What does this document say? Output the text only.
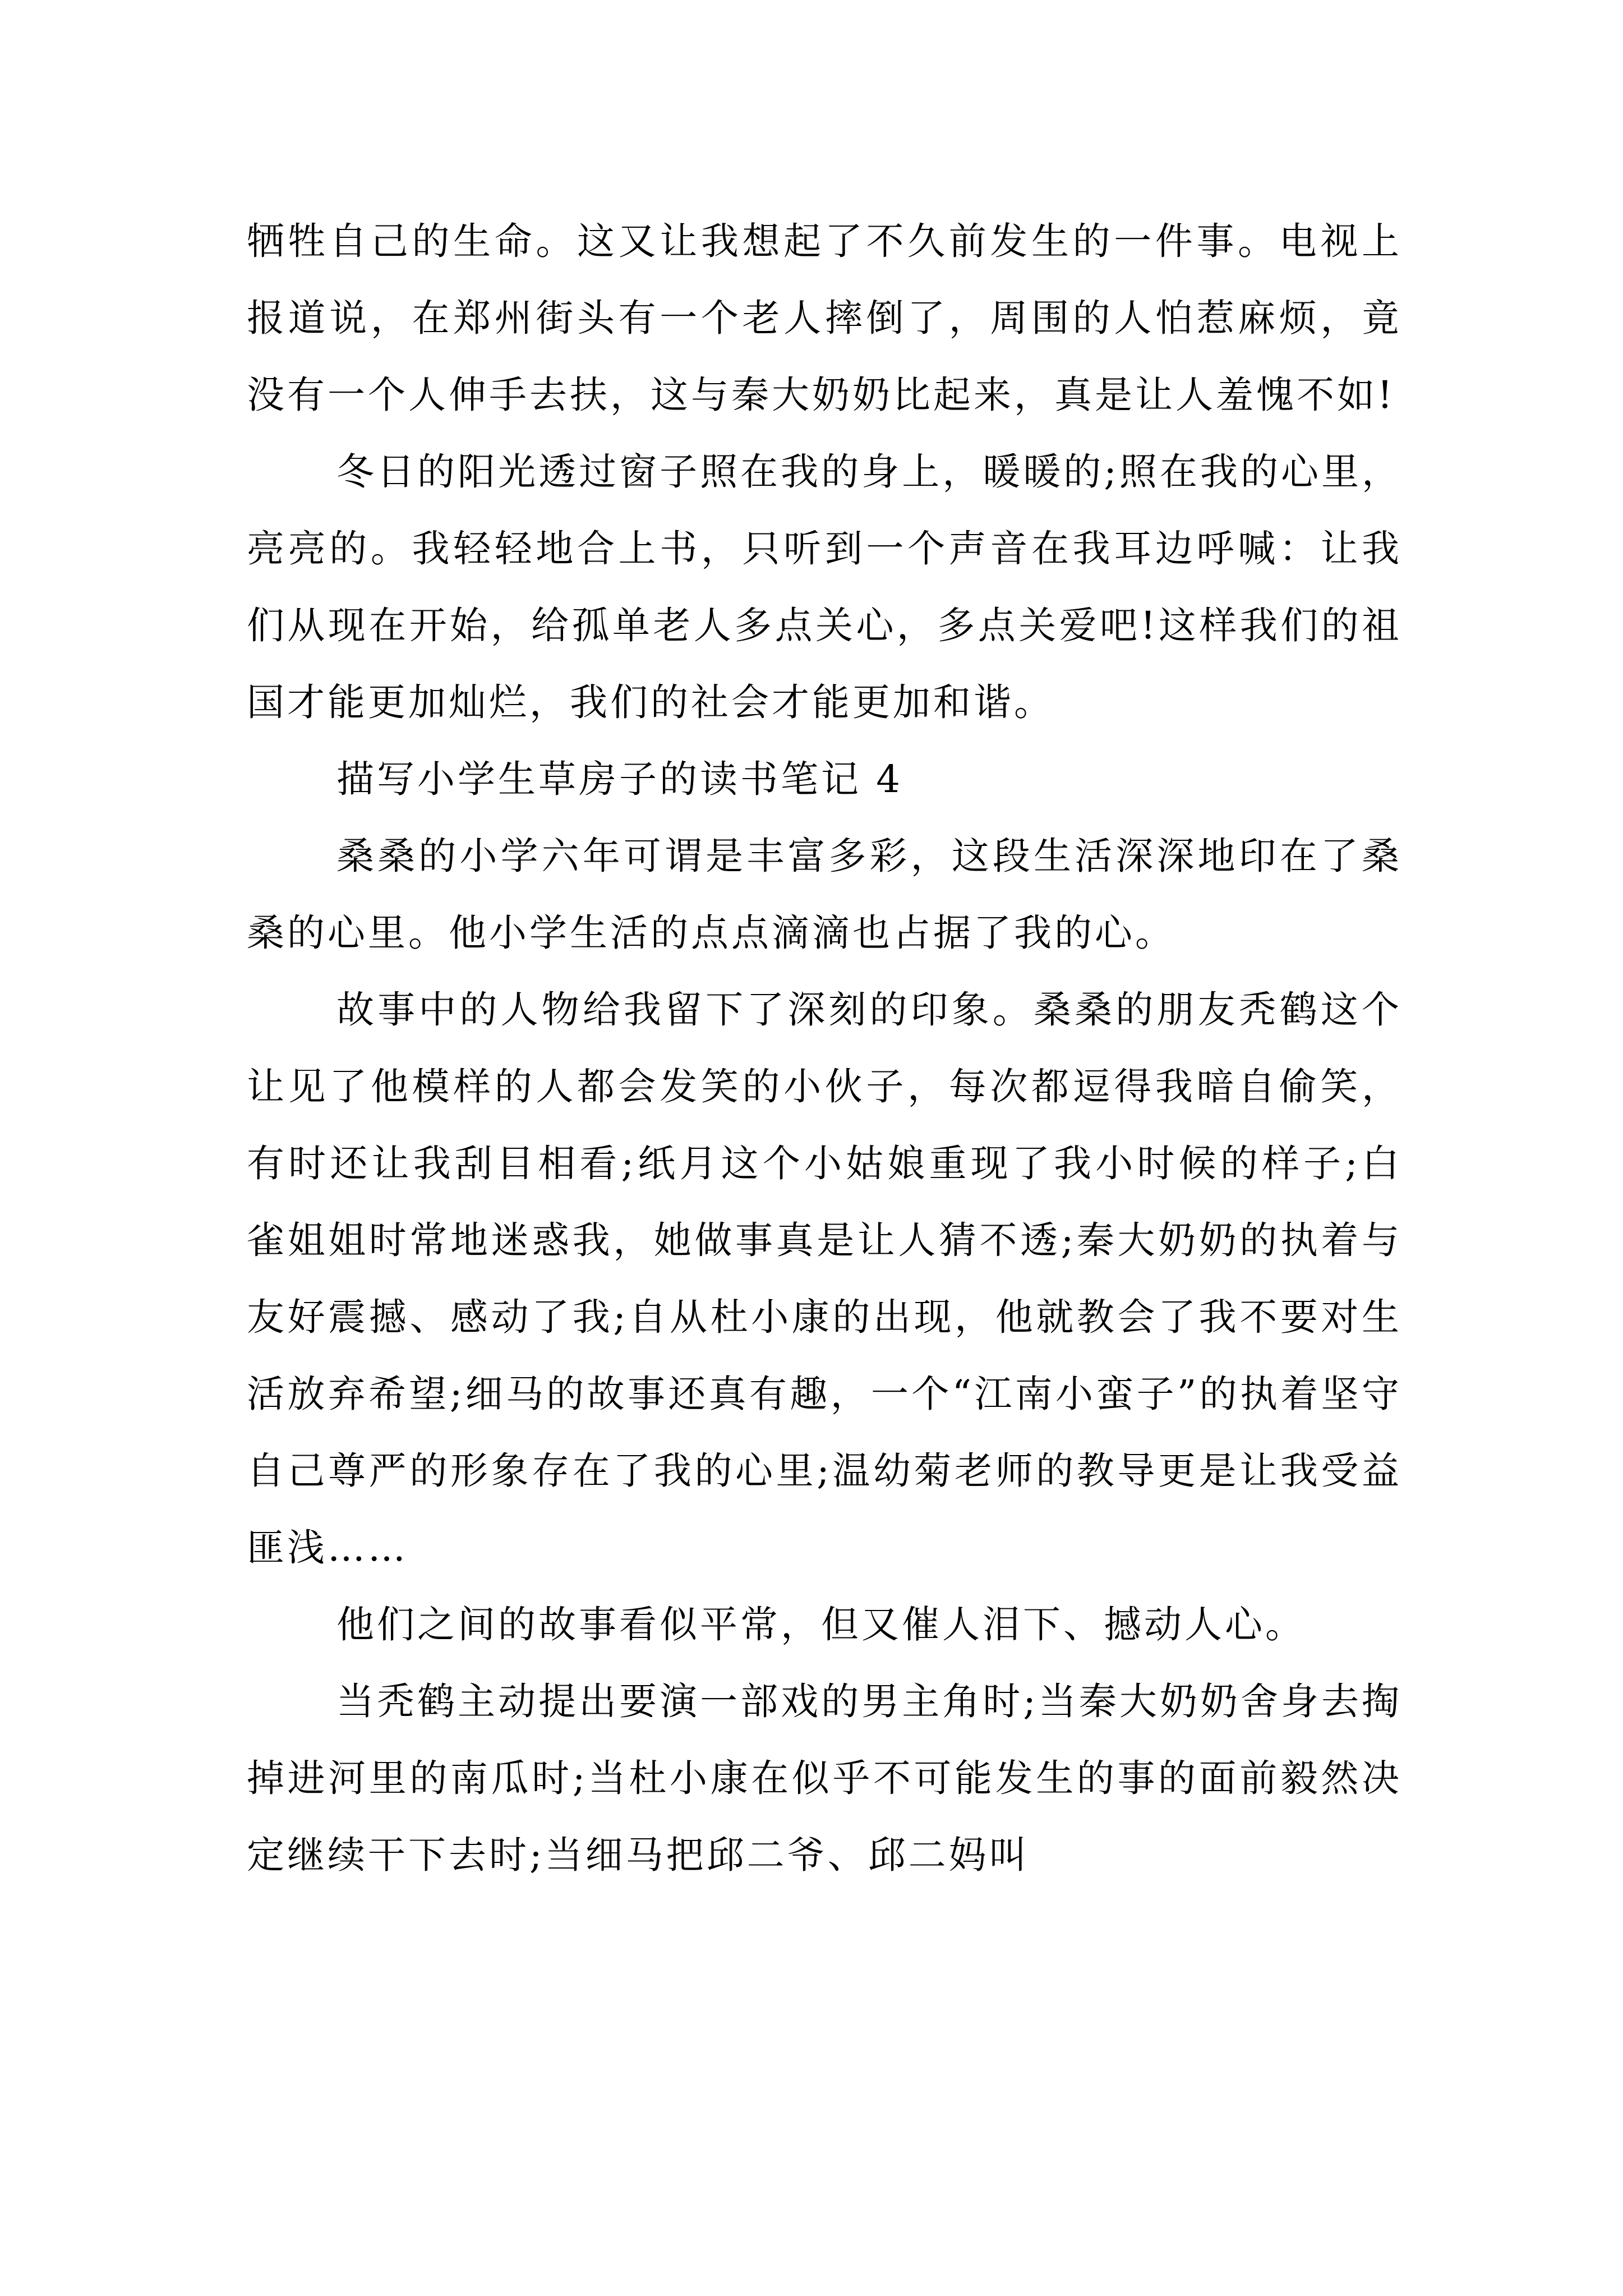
牺牲自己的生命。这又让我想起了不久前发生的一件事。电视上报道说，在郑州街头有一个老人摔倒了，周围的人怕惹麻烦，竟没有一个人伸手去扶，这与秦大奶奶比起来，真是让人羞愧不如!

冬日的阳光透过窗子照在我的身上，暖暖的;照在我的心里，亮亮的。我轻轻地合上书，只听到一个声音在我耳边呼喊：让我们从现在开始，给孤单老人多点关心，多点关爱吧!这样我们的祖国才能更加灿烂，我们的社会才能更加和谐。

描写小学生草房子的读书笔记 4

桑桑的小学六年可谓是丰富多彩，这段生活深深地印在了桑桑的心里。他小学生活的点点滴滴也占据了我的心。

故事中的人物给我留下了深刻的印象。桑桑的朋友秃鹤这个让见了他模样的人都会发笑的小伙子，每次都逗得我暗自偷笑，有时还让我刮目相看;纸月这个小姑娘重现了我小时候的样子;白雀姐姐时常地迷惑我，她做事真是让人猜不透;秦大奶奶的执着与友好震撼、感动了我;自从杜小康的出现，他就教会了我不要对生活放弃希望;细马的故事还真有趣，一个“江南小蛮子”的执着坚守自己尊严的形象存在了我的心里;温幼菊老师的教导更是让我受益匪浅……

他们之间的故事看似平常，但又催人泪下、撼动人心。

当秃鹤主动提出要演一部戏的男主角时;当秦大奶奶舍身去掏掉进河里的南瓜时;当杜小康在似乎不可能发生的事的面前毅然决定继续干下去时;当细马把邱二爷、邱二妈叫
